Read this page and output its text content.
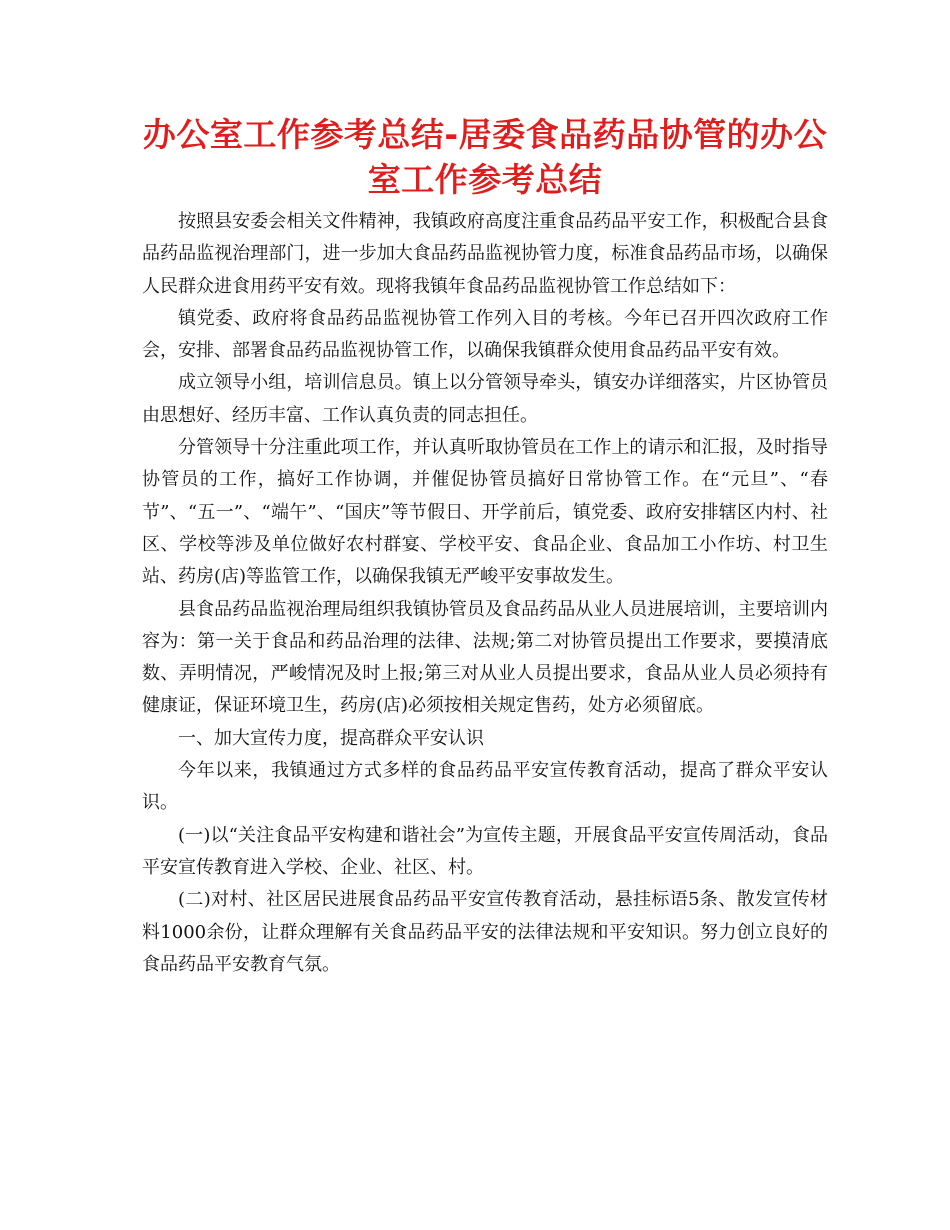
办公室工作参考总结-居委食品药品协管的办公室工作参考总结

按照县安委会相关文件精神，我镇政府高度注重食品药品平安工作，积极配合县食品药品监视治理部门，进一步加大食品药品监视协管力度，标准食品药品市场，以确保人民群众进食用药平安有效。现将我镇年食品药品监视协管工作总结如下：

镇党委、政府将食品药品监视协管工作列入目的考核。今年已召开四次政府工作会，安排、部署食品药品监视协管工作，以确保我镇群众使用食品药品平安有效。

成立领导小组，培训信息员。镇上以分管领导牵头，镇安办详细落实，片区协管员由思想好、经历丰富、工作认真负责的同志担任。

分管领导十分注重此项工作，并认真听取协管员在工作上的请示和汇报，及时指导协管员的工作，搞好工作协调，并催促协管员搞好日常协管工作。在“元旦”、“春节”、“五一”、“端午”、“国庆”等节假日、开学前后，镇党委、政府安排辖区内村、社区、学校等涉及单位做好农村群宴、学校平安、食品企业、食品加工小作坊、村卫生站、药房(店)等监管工作，以确保我镇无严峻平安事故发生。

县食品药品监视治理局组织我镇协管员及食品药品从业人员进展培训，主要培训内容为：第一关于食品和药品治理的法律、法规;第二对协管员提出工作要求，要摸清底数、弄明情况，严峻情况及时上报;第三对从业人员提出要求，食品从业人员必须持有健康证，保证环境卫生，药房(店)必须按相关规定售药，处方必须留底。

一、加大宣传力度，提高群众平安认识

今年以来，我镇通过方式多样的食品药品平安宣传教育活动，提高了群众平安认识。

(一)以“关注食品平安构建和谐社会”为宣传主题，开展食品平安宣传周活动，食品平安宣传教育进入学校、企业、社区、村。

(二)对村、社区居民进展食品药品平安宣传教育活动，悬挂标语5条、散发宣传材料1000余份，让群众理解有关食品药品平安的法律法规和平安知识。努力创立良好的食品药品平安教育气氛。
